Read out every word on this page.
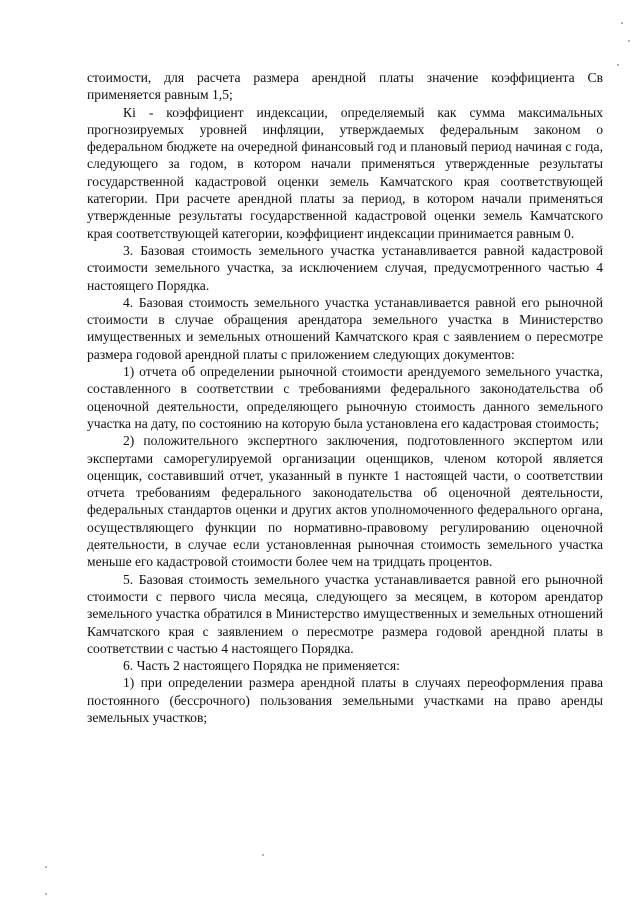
стоимости, для расчета размера арендной платы значение коэффициента Св применяется равным 1,5;

Кі - коэффициент индексации, определяемый как сумма максимальных прогнозируемых уровней инфляции, утверждаемых федеральным законом о федеральном бюджете на очередной финансовый год и плановый период начиная с года, следующего за годом, в котором начали применяться утвержденные результаты государственной кадастровой оценки земель Камчатского края соответствующей категории. При расчете арендной платы за период, в котором начали применяться утвержденные результаты государственной кадастровой оценки земель Камчатского края соответствующей категории, коэффициент индексации принимается равным 0.

3. Базовая стоимость земельного участка устанавливается равной кадастровой стоимости земельного участка, за исключением случая, предусмотренного частью 4 настоящего Порядка.

4. Базовая стоимость земельного участка устанавливается равной его рыночной стоимости в случае обращения арендатора земельного участка в Министерство имущественных и земельных отношений Камчатского края с заявлением о пересмотре размера годовой арендной платы с приложением следующих документов:

1) отчета об определении рыночной стоимости арендуемого земельного участка, составленного в соответствии с требованиями федерального законодательства об оценочной деятельности, определяющего рыночную стоимость данного земельного участка на дату, по состоянию на которую была установлена его кадастровая стоимость;

2) положительного экспертного заключения, подготовленного экспертом или экспертами саморегулируемой организации оценщиков, членом которой является оценщик, составивший отчет, указанный в пункте 1 настоящей части, о соответствии отчета требованиям федерального законодательства об оценочной деятельности, федеральных стандартов оценки и других актов уполномоченного федерального органа, осуществляющего функции по нормативно-правовому регулированию оценочной деятельности, в случае если установленная рыночная стоимость земельного участка меньше его кадастровой стоимости более чем на тридцать процентов.

5. Базовая стоимость земельного участка устанавливается равной его рыночной стоимости с первого числа месяца, следующего за месяцем, в котором арендатор земельного участка обратился в Министерство имущественных и земельных отношений Камчатского края с заявлением о пересмотре размера годовой арендной платы в соответствии с частью 4 настоящего Порядка.

6. Часть 2 настоящего Порядка не применяется:

1) при определении размера арендной платы в случаях переоформления права постоянного (бессрочного) пользования земельными участками на право аренды земельных участков;
